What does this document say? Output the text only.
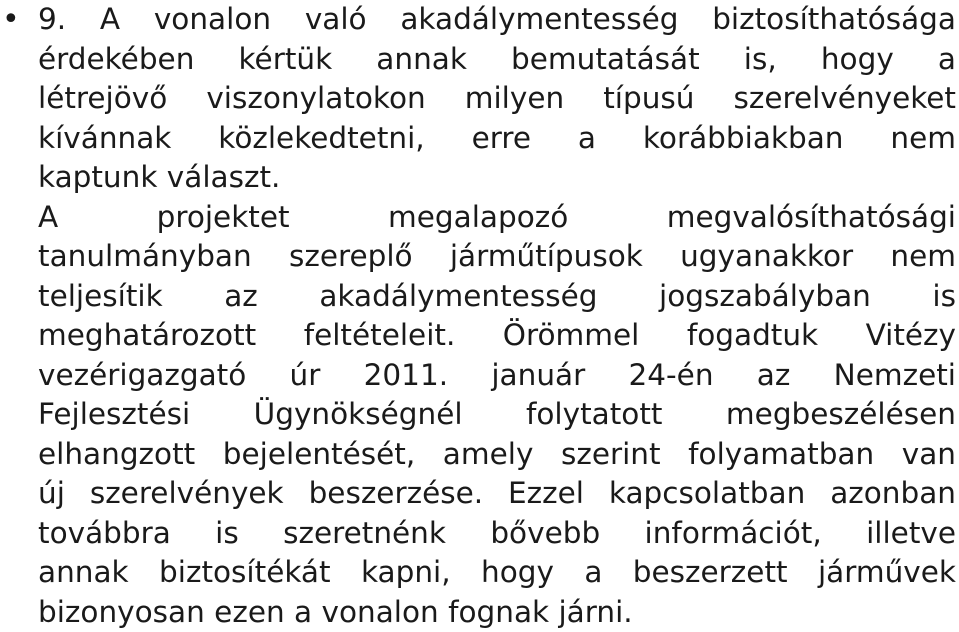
• 9. A vonalon való akadálymentesség biztosíthatósága
érdekében kértük annak bemutatását is, hogy a
létrejövő viszonylatokon milyen típusú szerelvényeket
kívánnak közlekedtetni, erre a korábbiakban nem
kaptunk választ.
A projektet megalapozó megvalósíthatósági
tanulmányban szereplő járműtípusok ugyanakkor nem
teljesítik az akadálymentesség jogszabályban is
meghatározott feltételeit. Örömmel fogadtuk Vitézy
vezérigazgató úr 2011. január 24-én az Nemzeti
Fejlesztési Ügynökségnél folytatott megbeszélésen
elhangzott bejelentését, amely szerint folyamatban van
új szerelvények beszerzése. Ezzel kapcsolatban azonban
továbbra is szeretnénk bővebb információt, illetve
annak biztosítékát kapni, hogy a beszerzett járművek
bizonyosan ezen a vonalon fognak járni.
